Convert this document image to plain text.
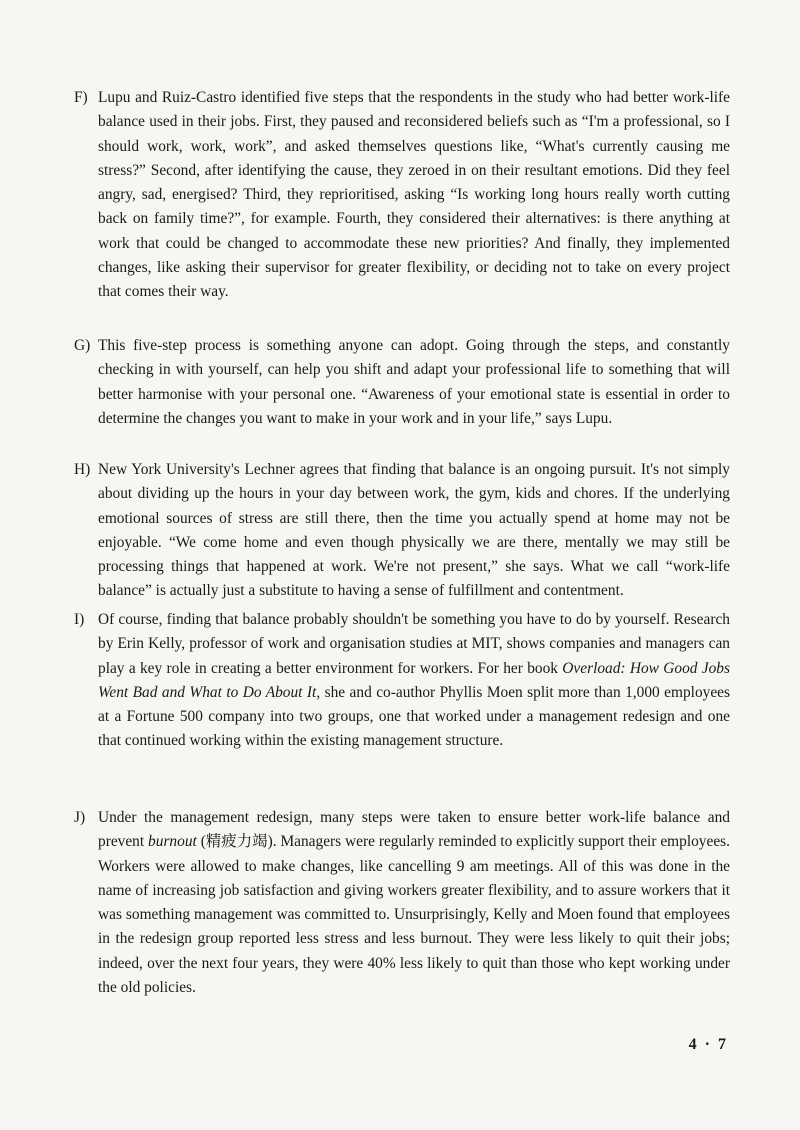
F) Lupu and Ruiz-Castro identified five steps that the respondents in the study who had better work-life balance used in their jobs. First, they paused and reconsidered beliefs such as “I'm a professional, so I should work, work, work”, and asked themselves questions like, “What's currently causing me stress?” Second, after identifying the cause, they zeroed in on their resultant emotions. Did they feel angry, sad, energised? Third, they reprioritised, asking “Is working long hours really worth cutting back on family time?”, for example. Fourth, they considered their alternatives: is there anything at work that could be changed to accommodate these new priorities? And finally, they implemented changes, like asking their supervisor for greater flexibility, or deciding not to take on every project that comes their way.
G) This five-step process is something anyone can adopt. Going through the steps, and constantly checking in with yourself, can help you shift and adapt your professional life to something that will better harmonise with your personal one. “Awareness of your emotional state is essential in order to determine the changes you want to make in your work and in your life,” says Lupu.
H) New York University's Lechner agrees that finding that balance is an ongoing pursuit. It's not simply about dividing up the hours in your day between work, the gym, kids and chores. If the underlying emotional sources of stress are still there, then the time you actually spend at home may not be enjoyable. “We come home and even though physically we are there, mentally we may still be processing things that happened at work. We're not present,” she says. What we call “work-life balance” is actually just a substitute to having a sense of fulfillment and contentment.
I) Of course, finding that balance probably shouldn't be something you have to do by yourself. Research by Erin Kelly, professor of work and organisation studies at MIT, shows companies and managers can play a key role in creating a better environment for workers. For her book Overload: How Good Jobs Went Bad and What to Do About It, she and co-author Phyllis Moen split more than 1,000 employees at a Fortune 500 company into two groups, one that worked under a management redesign and one that continued working within the existing management structure.
J) Under the management redesign, many steps were taken to ensure better work-life balance and prevent burnout (精疲力竭). Managers were regularly reminded to explicitly support their employees. Workers were allowed to make changes, like cancelling 9 am meetings. All of this was done in the name of increasing job satisfaction and giving workers greater flexibility, and to assure workers that it was something management was committed to. Unsurprisingly, Kelly and Moen found that employees in the redesign group reported less stress and less burnout. They were less likely to quit their jobs; indeed, over the next four years, they were 40% less likely to quit than those who kept working under the old policies.
4 · 7
